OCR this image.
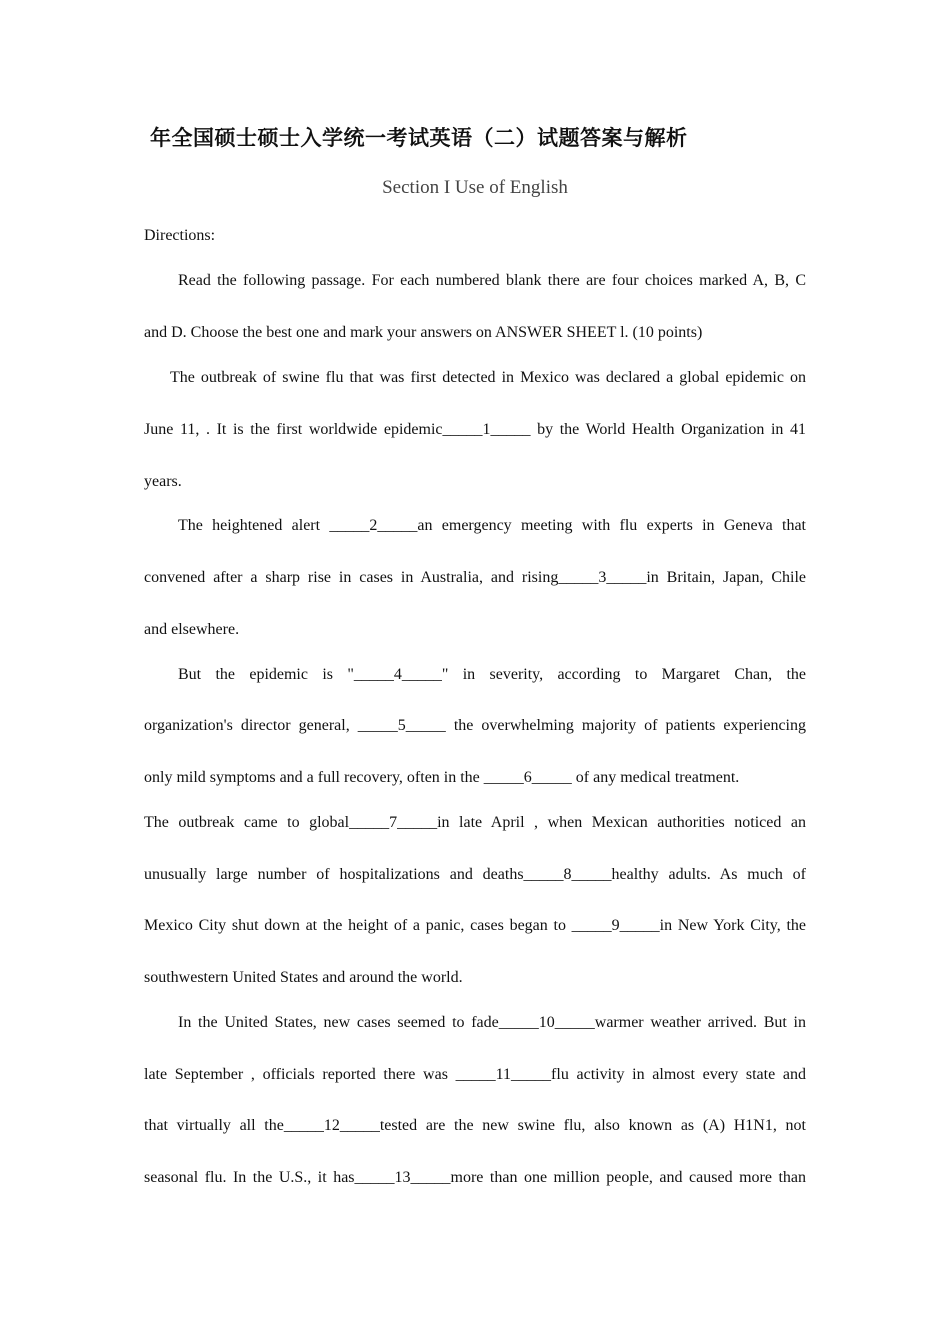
年全国硕士硕士入学统一考试英语（二）试题答案与解析
Section I Use of English
Directions:
Read the following passage. For each numbered blank there are four choices marked A, B, C
and D. Choose the best one and mark your answers on ANSWER SHEET l. (10 points)
The outbreak of swine flu that was first detected in Mexico was declared a global epidemic on
June 11, . It is the first worldwide epidemic_____1_____ by the World Health Organization in 41
years.
The heightened alert _____2_____an emergency meeting with flu experts in Geneva that
convened after a sharp rise in cases in Australia, and rising_____3_____in Britain, Japan, Chile
and elsewhere.
But the epidemic is "_____4_____" in severity, according to Margaret Chan, the
organization's director general, _____5_____ the overwhelming majority of patients experiencing
only mild symptoms and a full recovery, often in the _____6_____ of any medical treatment.
The outbreak came to global_____7_____in late April , when Mexican authorities noticed an
unusually large number of hospitalizations and deaths_____8_____healthy adults. As much of
Mexico City shut down at the height of a panic, cases began to _____9_____in New York City, the
southwestern United States and around the world.
In the United States, new cases seemed to fade_____10_____warmer weather arrived. But in
late September , officials reported there was _____11_____flu activity in almost every state and
that virtually all the_____12_____tested are the new swine flu, also known as (A) H1N1, not
seasonal flu. In the U.S., it has_____13_____more than one million people, and caused more than
